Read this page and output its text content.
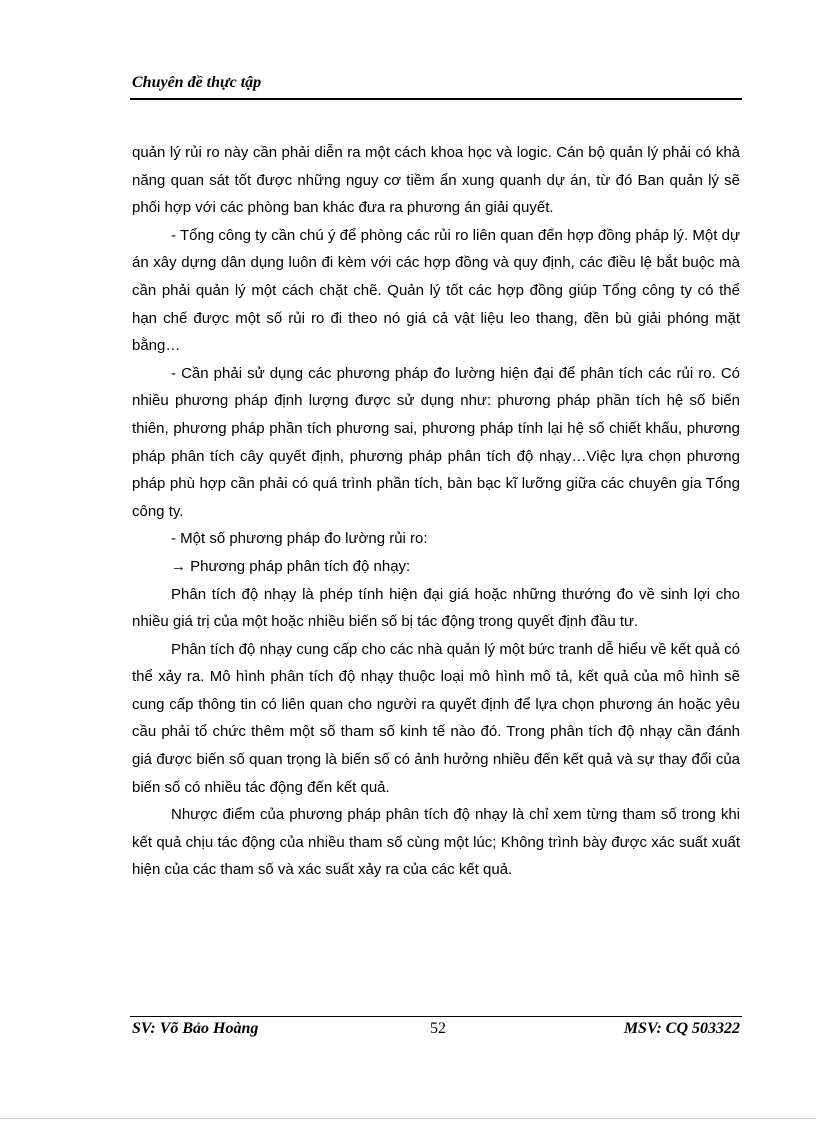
Chuyên đề thực tập

quản lý rủi ro này cần phải diễn ra một cách khoa học và logic. Cán bộ quản lý phải có khả năng quan sát tốt được những nguy cơ tiềm ẩn xung quanh dự án, từ đó Ban quản lý sẽ phối hợp với các phòng ban khác đưa ra phương án giải quyết.

- Tổng công ty cần chú ý để phòng các rủi ro liên quan đến hợp đồng pháp lý. Một dự án xây dựng dân dụng luôn đi kèm với các hợp đồng và quy định, các điều lệ bắt buộc mà cần phải quản lý một cách chặt chẽ. Quản lý tốt các hợp đồng giúp Tổng công ty có thể hạn chế được một số rủi ro đi theo nó giá cả vật liệu leo thang, đền bù giải phóng mặt bằng…

- Cần phải sử dụng các phương pháp đo lường hiện đại để phân tích các rủi ro. Có nhiều phương pháp định lượng được sử dụng như: phương pháp phần tích hệ số biến thiên, phương pháp phần tích phương sai, phương pháp tính lại hệ số chiết khấu, phương pháp phân tích cây quyết định, phương pháp phân tích độ nhạy…Việc lựa chọn phương pháp phù hợp cần phải có quá trình phần tích, bàn bạc kĩ lưỡng giữa các chuyên gia Tổng công ty.

- Một số phương pháp đo lường rủi ro:

→ Phương pháp phân tích độ nhạy:

Phân tích độ nhạy là phép tính hiện đại giá hoặc những thướng đo về sinh lợi cho nhiều giá trị của một hoặc nhiều biến số bị tác động trong quyết định đầu tư.

Phân tích độ nhạy cung cấp cho các nhà quản lý một bức tranh dễ hiểu về kết quả có thể xảy ra. Mô hình phân tích độ nhạy thuộc loại mô hình mô tả, kết quả của mô hình sẽ cung cấp thông tin có liên quan cho người ra quyết định để lựa chọn phương án hoặc yêu cầu phải tổ chức thêm một số tham số kinh tế nào đó. Trong phân tích độ nhạy cần đánh giá được biến số quan trọng là biến số có ảnh hưởng nhiều đến kết quả và sự thay đổi của biến số có nhiều tác động đến kết quả.

Nhược điểm của phương pháp phân tích độ nhạy là chỉ xem từng tham số trong khi kết quả chịu tác động của nhiều tham số cùng một lúc; Không trình bày được xác suất xuất hiện của các tham số và xác suất xảy ra của các kết quả.

SV: Võ Bảo Hoàng	52	MSV: CQ 503322
